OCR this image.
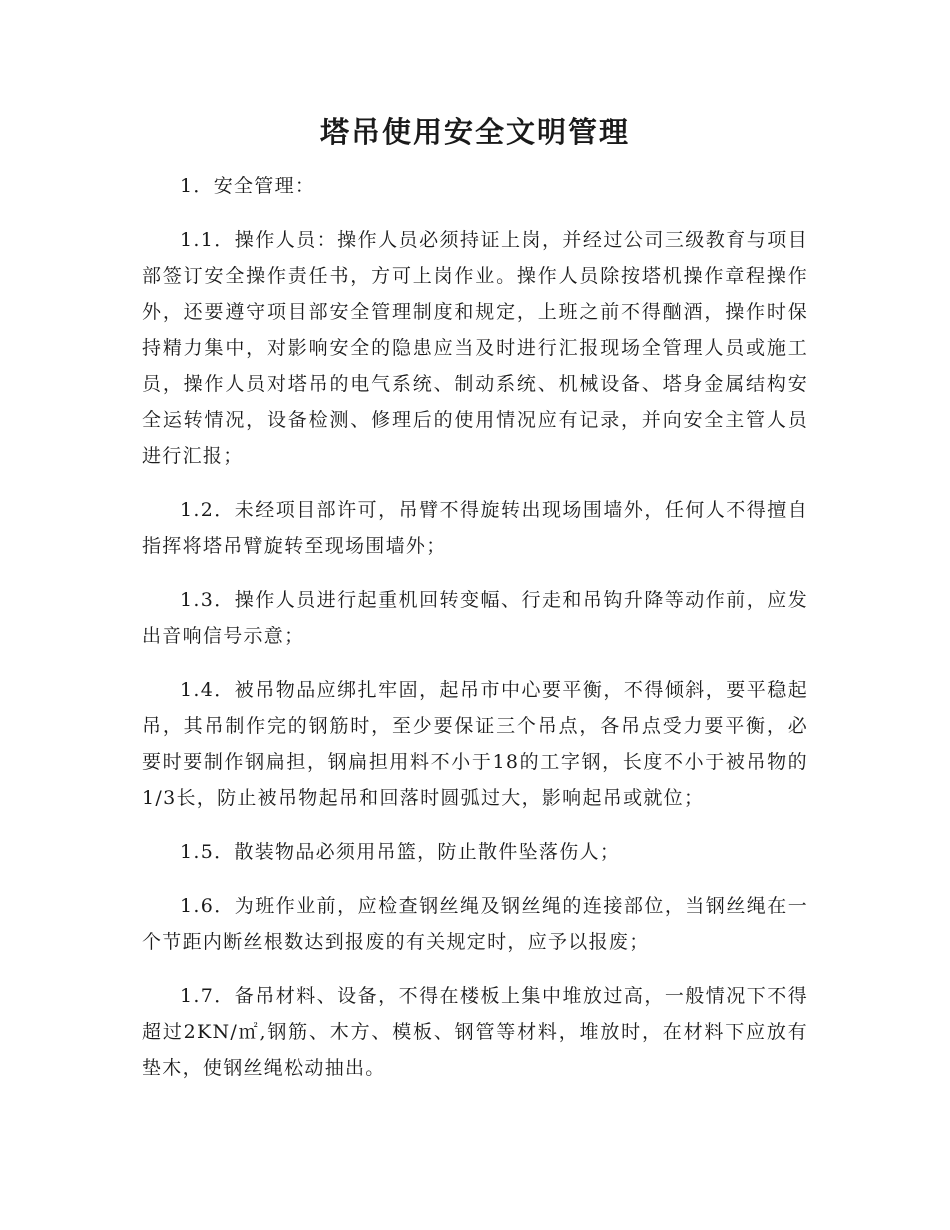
塔吊使用安全文明管理

1．安全管理：

1.1．操作人员：操作人员必须持证上岗，并经过公司三级教育与项目部签订安全操作责任书，方可上岗作业。操作人员除按塔机操作章程操作外，还要遵守项目部安全管理制度和规定，上班之前不得酗酒，操作时保持精力集中，对影响安全的隐患应当及时进行汇报现场全管理人员或施工员，操作人员对塔吊的电气系统、制动系统、机械设备、塔身金属结构安全运转情况，设备检测、修理后的使用情况应有记录，并向安全主管人员进行汇报；

1.2．未经项目部许可，吊臂不得旋转出现场围墙外，任何人不得擅自指挥将塔吊臂旋转至现场围墙外；

1.3．操作人员进行起重机回转变幅、行走和吊钩升降等动作前，应发出音响信号示意；

1.4．被吊物品应绑扎牢固，起吊市中心要平衡，不得倾斜，要平稳起吊，其吊制作完的钢筋时，至少要保证三个吊点，各吊点受力要平衡，必要时要制作钢扁担，钢扁担用料不小于18的工字钢，长度不小于被吊物的1/3长，防止被吊物起吊和回落时圆弧过大，影响起吊或就位；

1.5．散装物品必须用吊篮，防止散件坠落伤人；

1.6．为班作业前，应检查钢丝绳及钢丝绳的连接部位，当钢丝绳在一个节距内断丝根数达到报废的有关规定时，应予以报废；

1.7．备吊材料、设备，不得在楼板上集中堆放过高，一般情况下不得超过2KN/㎡,钢筋、木方、模板、钢管等材料，堆放时，在材料下应放有垫木，使钢丝绳松动抽出。
